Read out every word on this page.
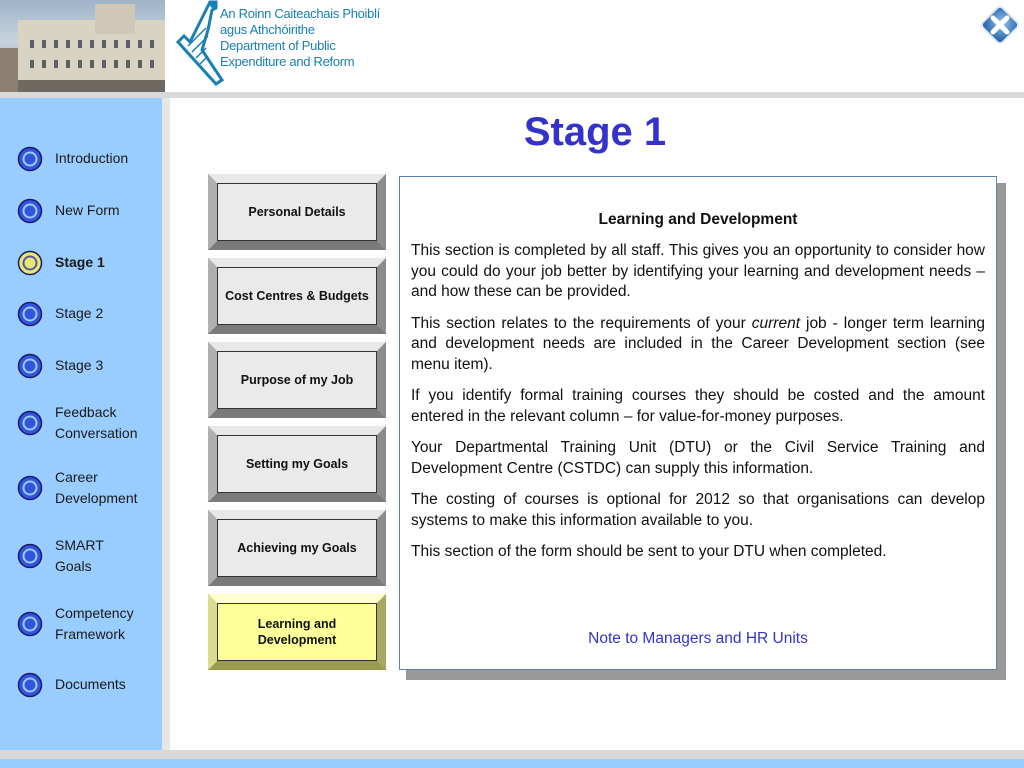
An Roinn Caiteachais Phoiblí
agus Athchóirithe
Department of Public
Expenditure and Reform
Introduction
New Form
Stage 1
Stage 2
Stage 3
Feedback Conversation
Career Development
SMART Goals
Competency Framework
Documents
Stage 1
Personal Details
Cost Centres & Budgets
Purpose of my Job
Setting my Goals
Achieving my Goals
Learning and Development
Learning and Development

This section is completed by all staff. This gives you an opportunity to consider how you could do your job better by identifying your learning and development needs – and how these can be provided.

This section relates to the requirements of your current job - longer term learning and development needs are included in the Career Development section (see menu item).

If you identify formal training courses they should be costed and the amount entered in the relevant column – for value-for-money purposes.

Your Departmental Training Unit (DTU) or the Civil Service Training and Development Centre (CSTDC) can supply this information.

The costing of courses is optional for 2012 so that organisations can develop systems to make this information available to you.

This section of the form should be sent to your DTU when completed.

Note to Managers and HR Units
